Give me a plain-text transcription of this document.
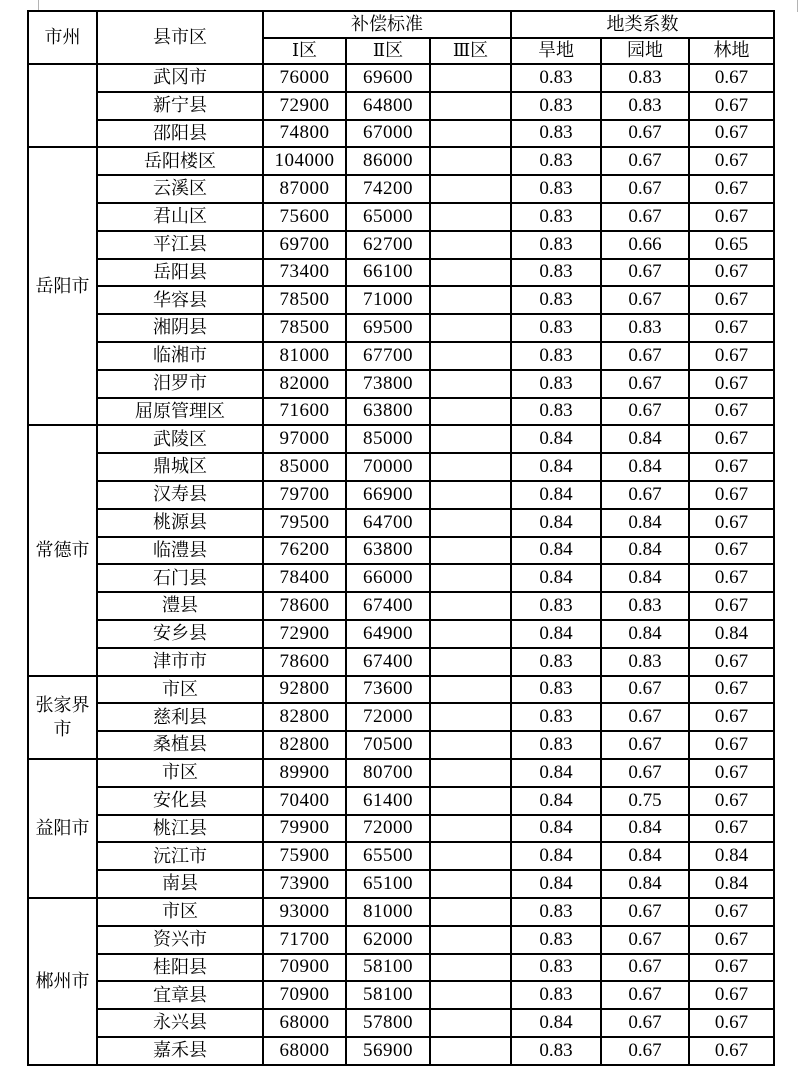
市州	县市区	补偿标准			地类系数		
		Ⅰ区	Ⅱ区	Ⅲ区	旱地	园地	林地
	武冈市	76000	69600		0.83	0.83	0.67
	新宁县	72900	64800		0.83	0.83	0.67
	邵阳县	74800	67000		0.83	0.67	0.67
岳阳市	岳阳楼区	104000	86000		0.83	0.67	0.67
	云溪区	87000	74200		0.83	0.67	0.67
	君山区	75600	65000		0.83	0.67	0.67
	平江县	69700	62700		0.83	0.66	0.65
	岳阳县	73400	66100		0.83	0.67	0.67
	华容县	78500	71000		0.83	0.67	0.67
	湘阴县	78500	69500		0.83	0.83	0.67
	临湘市	81000	67700		0.83	0.67	0.67
	汨罗市	82000	73800		0.83	0.67	0.67
	屈原管理区	71600	63800		0.83	0.67	0.67
常德市	武陵区	97000	85000		0.84	0.84	0.67
	鼎城区	85000	70000		0.84	0.84	0.67
	汉寿县	79700	66900		0.84	0.67	0.67
	桃源县	79500	64700		0.84	0.84	0.67
	临澧县	76200	63800		0.84	0.84	0.67
	石门县	78400	66000		0.84	0.84	0.67
	澧县	78600	67400		0.83	0.83	0.67
	安乡县	72900	64900		0.84	0.84	0.84
	津市市	78600	67400		0.83	0.83	0.67
张家界市	市区	92800	73600		0.83	0.67	0.67
	慈利县	82800	72000		0.83	0.67	0.67
	桑植县	82800	70500		0.83	0.67	0.67
益阳市	市区	89900	80700		0.84	0.67	0.67
	安化县	70400	61400		0.84	0.75	0.67
	桃江县	79900	72000		0.84	0.84	0.67
	沅江市	75900	65500		0.84	0.84	0.84
	南县	73900	65100		0.84	0.84	0.84
郴州市	市区	93000	81000		0.83	0.67	0.67
	资兴市	71700	62000		0.83	0.67	0.67
	桂阳县	70900	58100		0.83	0.67	0.67
	宜章县	70900	58100		0.83	0.67	0.67
	永兴县	68000	57800		0.84	0.67	0.67
	嘉禾县	68000	56900		0.83	0.67	0.67
